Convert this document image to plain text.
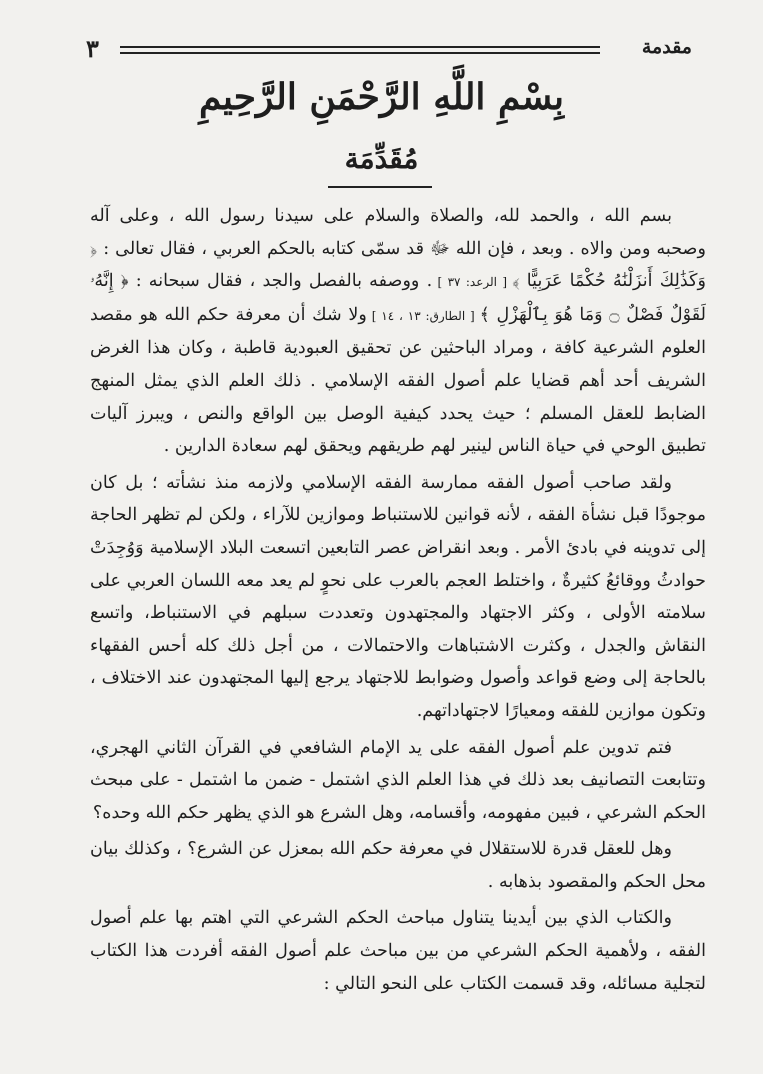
٣	مقدمة
بِسْمِ اللَّهِ الرَّحْمَنِ الرَّحِيمِ
مُقَدِّمَة

بسم الله ، والحمد لله، والصلاة والسلام على سيدنا رسول الله ، وعلى آله وصحبه ومن والاه . وبعد ، فإن الله ﷻ قد سمّى كتابه بالحكم العربي ، فقال تعالى : ﴿ وَكَذَٰلِكَ أَنزَلْنَٰهُ حُكْمًا عَرَبِيًّا ﴾ [ الرعد: ٣٧ ] . ووصفه بالفصل والجد ، فقال سبحانه : ﴿ إِنَّهُۥ لَقَوْلٌ فَصْلٌ ۝ وَمَا هُوَ بِٱلْهَزْلِ ﴾ [ الطارق: ١٣ ، ١٤ ] ولا شك أن معرفة حكم الله هو مقصد العلوم الشرعية كافة ، ومراد الباحثين عن تحقيق العبودية قاطبة ، وكان هذا الغرض الشريف أحد أهم قضايا علم أصول الفقه الإسلامي . ذلك العلم الذي يمثل المنهج الضابط للعقل المسلم ؛ حيث يحدد كيفية الوصل بين الواقع والنص ، ويبرز آليات تطبيق الوحي في حياة الناس لينير لهم طريقهم ويحقق لهم سعادة الدارين .

ولقد صاحب أصول الفقه ممارسة الفقه الإسلامي ولازمه منذ نشأته ؛ بل كان موجودًا قبل نشأة الفقه ، لأنه قوانين للاستنباط وموازين للآراء ، ولكن لم تظهر الحاجة إلى تدوينه في بادئ الأمر . وبعد انقراض عصر التابعين اتسعت البلاد الإسلامية وَوُجِدَتْ حوادثُ ووقائعُ كثيرةٌ ، واختلط العجم بالعرب على نحوٍ لم يعد معه اللسان العربي على سلامته الأولى ، وكثر الاجتهاد والمجتهدون وتعددت سبلهم في الاستنباط، واتسع النقاش والجدل ، وكثرت الاشتباهات والاحتمالات ، من أجل ذلك كله أحس الفقهاء بالحاجة إلى وضع قواعد وأصول وضوابط للاجتهاد يرجع إليها المجتهدون عند الاختلاف ، وتكون موازين للفقه ومعيارًا لاجتهاداتهم.

فتم تدوين علم أصول الفقه على يد الإمام الشافعي في القرآن الثاني الهجري، وتتابعت التصانيف بعد ذلك في هذا العلم الذي اشتمل - ضمن ما اشتمل - على مبحث الحكم الشرعي ، فبين مفهومه، وأقسامه، وهل الشرع هو الذي يظهر حكم الله وحده؟

وهل للعقل قدرة للاستقلال في معرفة حكم الله بمعزل عن الشرع؟ ، وكذلك بيان محل الحكم والمقصود بذهابه .

والكتاب الذي بين أيدينا يتناول مباحث الحكم الشرعي التي اهتم بها علم أصول الفقه ، ولأهمية الحكم الشرعي من بين مباحث علم أصول الفقه أفردت هذا الكتاب لتجلية مسائله، وقد قسمت الكتاب على النحو التالي :
